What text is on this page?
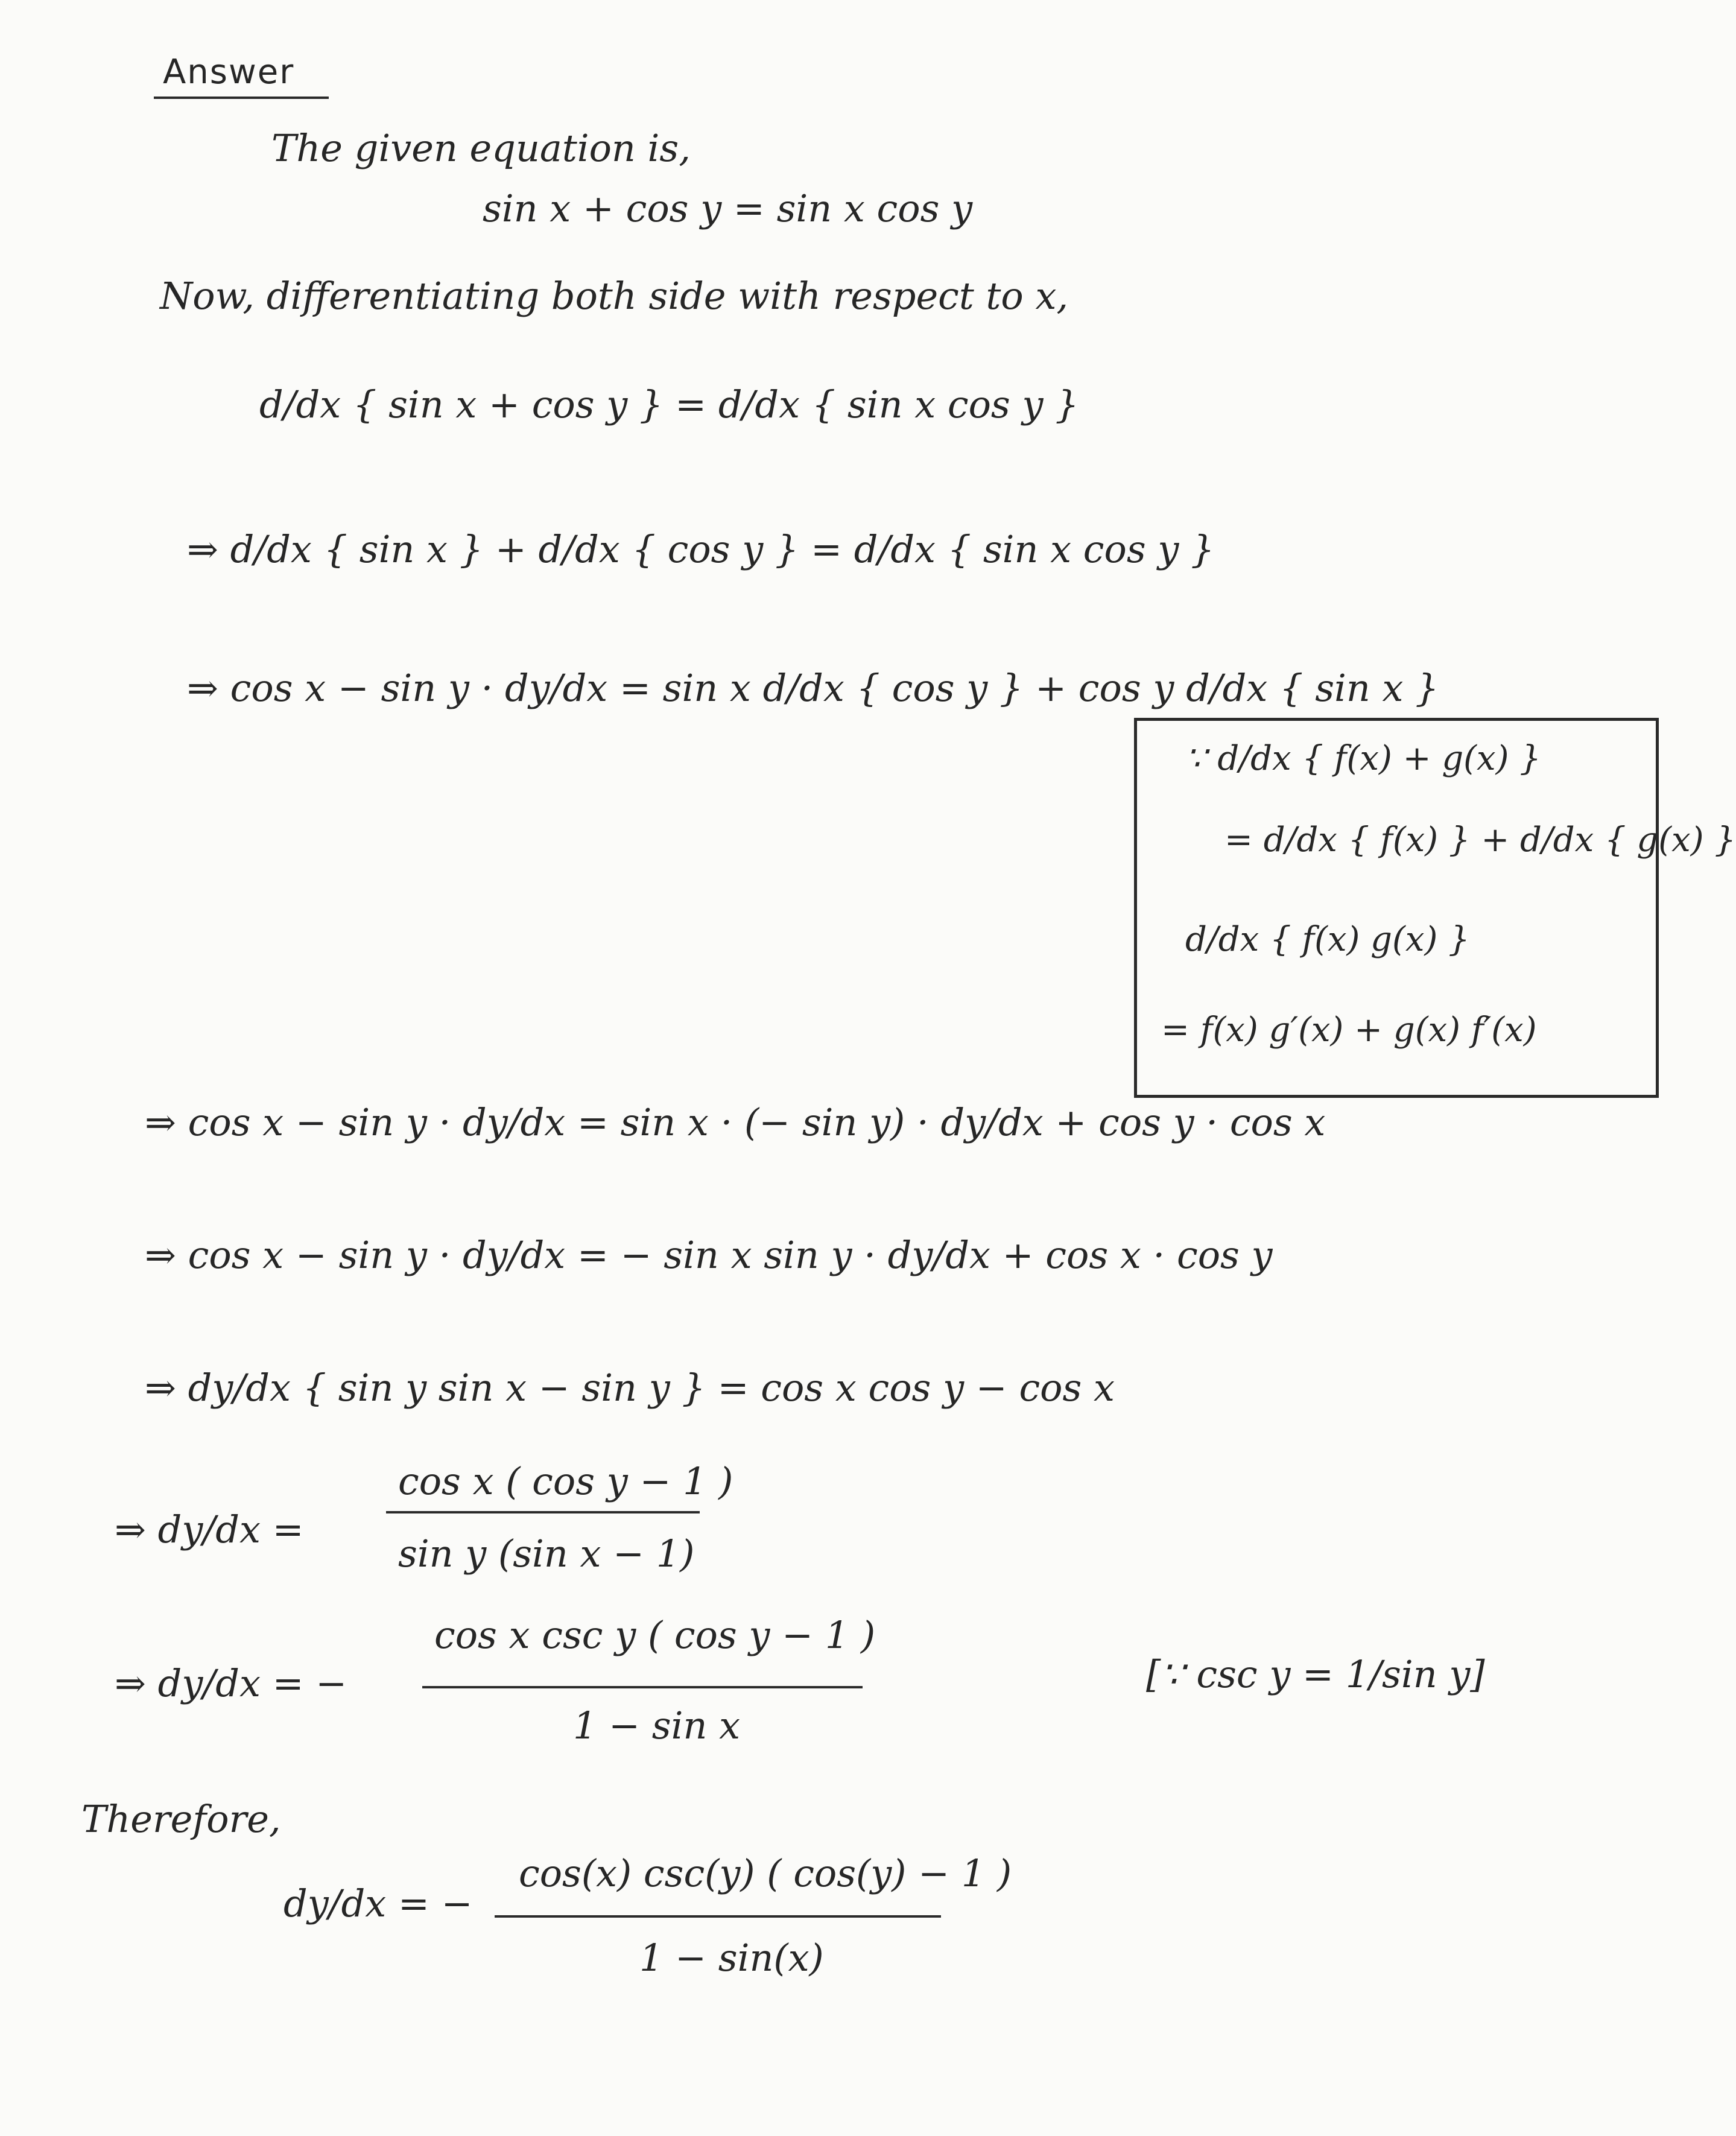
Answer
The given equation is,
sin x + cos y = sin x cos y
Now, differentiating both side with respect to x,
d/dx { sin x + cos y } = d/dx { sin x cos y }
⇒ d/dx { sin x } + d/dx { cos y } = d/dx { sin x cos y }
⇒ cos x − sin y · dy/dx = sin x d/dx { cos y } + cos y d/dx { sin x }
∵ d/dx { f(x) + g(x) }
= d/dx { f(x) } + d/dx { g(x) }
d/dx { f(x) g(x) }
= f(x) g′(x) + g(x) f′(x)
⇒ cos x − sin y · dy/dx = sin x · (− sin y) · dy/dx + cos y · cos x
⇒ cos x − sin y · dy/dx = − sin x sin y · dy/dx + cos x · cos y
⇒ dy/dx { sin y sin x − sin y } = cos x cos y − cos x
⇒ dy/dx =
cos x ( cos y − 1 )
sin y (sin x − 1)
⇒ dy/dx = −
cos x csc y ( cos y − 1 )
1 − sin x
[∵ csc y = 1/sin y]
Therefore,
dy/dx = −
cos(x) csc(y) ( cos(y) − 1 )
1 − sin(x)
